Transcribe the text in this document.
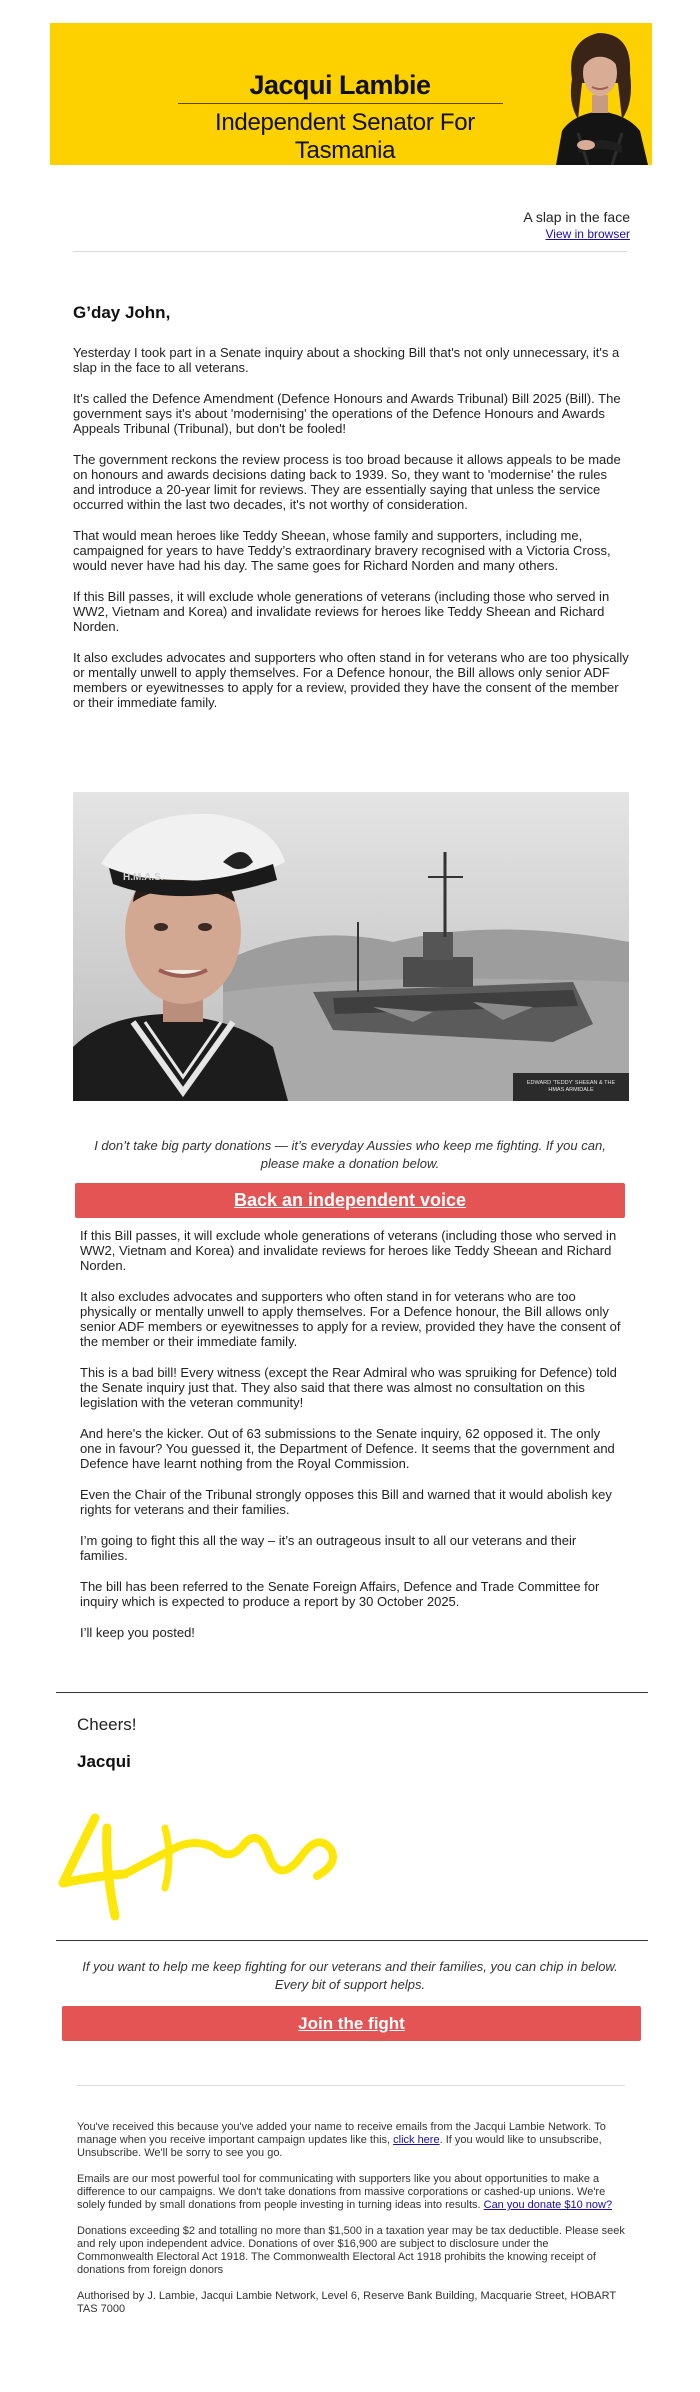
Jacqui Lambie
Independent Senator For Tasmania
A slap in the face
View in browser
G’day John,

Yesterday I took part in a Senate inquiry about a shocking Bill that's not only unnecessary, it's a slap in the face to all veterans.

It's called the Defence Amendment (Defence Honours and Awards Tribunal) Bill 2025 (Bill). The government says it's about 'modernising' the operations of the Defence Honours and Awards Appeals Tribunal (Tribunal), but don't be fooled!

The government reckons the review process is too broad because it allows appeals to be made on honours and awards decisions dating back to 1939. So, they want to 'modernise' the rules and introduce a 20-year limit for reviews. They are essentially saying that unless the service occurred within the last two decades, it's not worthy of consideration.

That would mean heroes like Teddy Sheean, whose family and supporters, including me, campaigned for years to have Teddy’s extraordinary bravery recognised with a Victoria Cross, would never have had his day. The same goes for Richard Norden and many others.

If this Bill passes, it will exclude whole generations of veterans (including those who served in WW2, Vietnam and Korea) and invalidate reviews for heroes like Teddy Sheean and Richard Norden.

It also excludes advocates and supporters who often stand in for veterans who are too physically or mentally unwell to apply themselves. For a Defence honour, the Bill allows only senior ADF members or eyewitnesses to apply for a review, provided they have the consent of the member or their immediate family.

H.M.A.S.
EDWARD 'TEDDY' SHEEAN & THE HMAS ARMIDALE
I don’t take big party donations — it’s everyday Aussies who keep me fighting. If you can, please make a donation below.
Back an independent voice

If this Bill passes, it will exclude whole generations of veterans (including those who served in WW2, Vietnam and Korea) and invalidate reviews for heroes like Teddy Sheean and Richard Norden.

It also excludes advocates and supporters who often stand in for veterans who are too physically or mentally unwell to apply themselves. For a Defence honour, the Bill allows only senior ADF members or eyewitnesses to apply for a review, provided they have the consent of the member or their immediate family.

This is a bad bill! Every witness (except the Rear Admiral who was spruiking for Defence) told the Senate inquiry just that. They also said that there was almost no consultation on this legislation with the veteran community!

And here's the kicker. Out of 63 submissions to the Senate inquiry, 62 opposed it. The only one in favour? You guessed it, the Department of Defence. It seems that the government and Defence have learnt nothing from the Royal Commission.

Even the Chair of the Tribunal strongly opposes this Bill and warned that it would abolish key rights for veterans and their families.

I’m going to fight this all the way – it’s an outrageous insult to all our veterans and their families.

The bill has been referred to the Senate Foreign Affairs, Defence and Trade Committee for inquiry which is expected to produce a report by 30 October 2025.

I’ll keep you posted!

Cheers!
Jacqui
If you want to help me keep fighting for our veterans and their families, you can chip in below. Every bit of support helps.
Join the fight

You've received this because you've added your name to receive emails from the Jacqui Lambie Network. To manage when you receive important campaign updates like this, click here. If you would like to unsubscribe, Unsubscribe. We'll be sorry to see you go.

Emails are our most powerful tool for communicating with supporters like you about opportunities to make a difference to our campaigns. We don't take donations from massive corporations or cashed-up unions. We're solely funded by small donations from people investing in turning ideas into results. Can you donate $10 now?

Donations exceeding $2 and totalling no more than $1,500 in a taxation year may be tax deductible. Please seek and rely upon independent advice. Donations of over $16,900 are subject to disclosure under the Commonwealth Electoral Act 1918. The Commonwealth Electoral Act 1918 prohibits the knowing receipt of donations from foreign donors

Authorised by J. Lambie, Jacqui Lambie Network, Level 6, Reserve Bank Building, Macquarie Street, HOBART TAS 7000
